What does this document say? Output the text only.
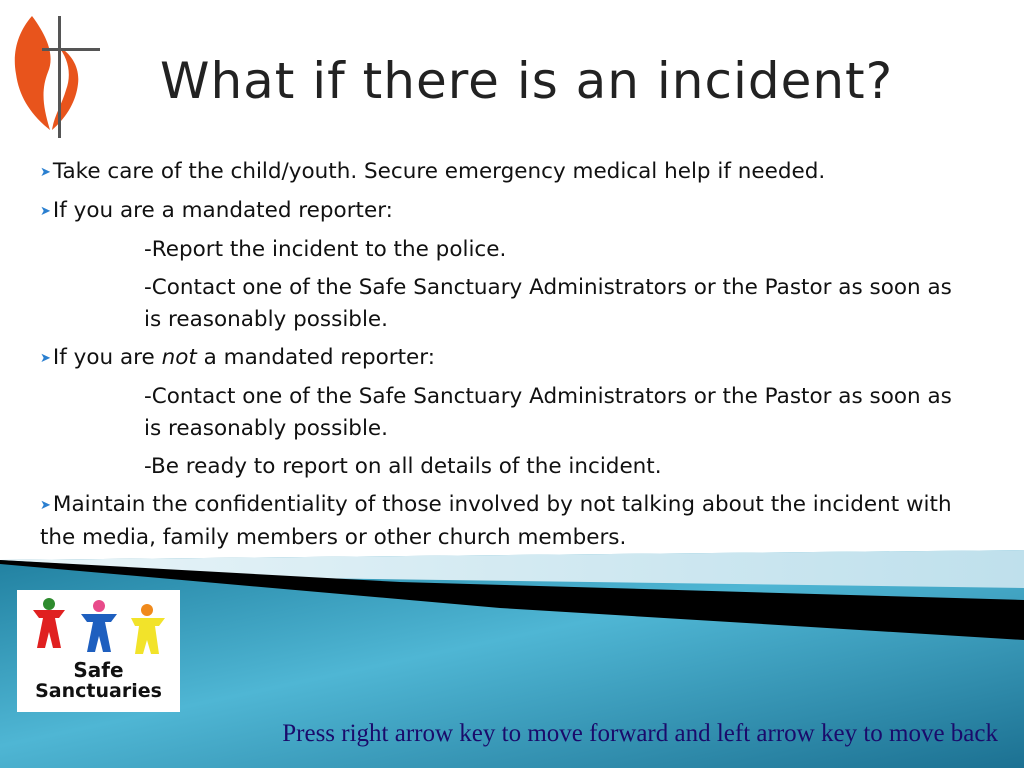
What if there is an incident?
➤Take care of the child/youth. Secure emergency medical help if needed.
➤If you are a mandated reporter:
-Report the incident to the police.
-Contact one of the Safe Sanctuary Administrators or the Pastor as soon as is reasonably possible.
➤If you are not a mandated reporter:
-Contact one of the Safe Sanctuary Administrators or the Pastor as soon as is reasonably possible.
-Be ready to report on all details of the incident.
➤Maintain the confidentiality of those involved by not talking about the incident with the media, family members or other church members.
Safe
Sanctuaries
Press right arrow key to move forward and left arrow key to move back
